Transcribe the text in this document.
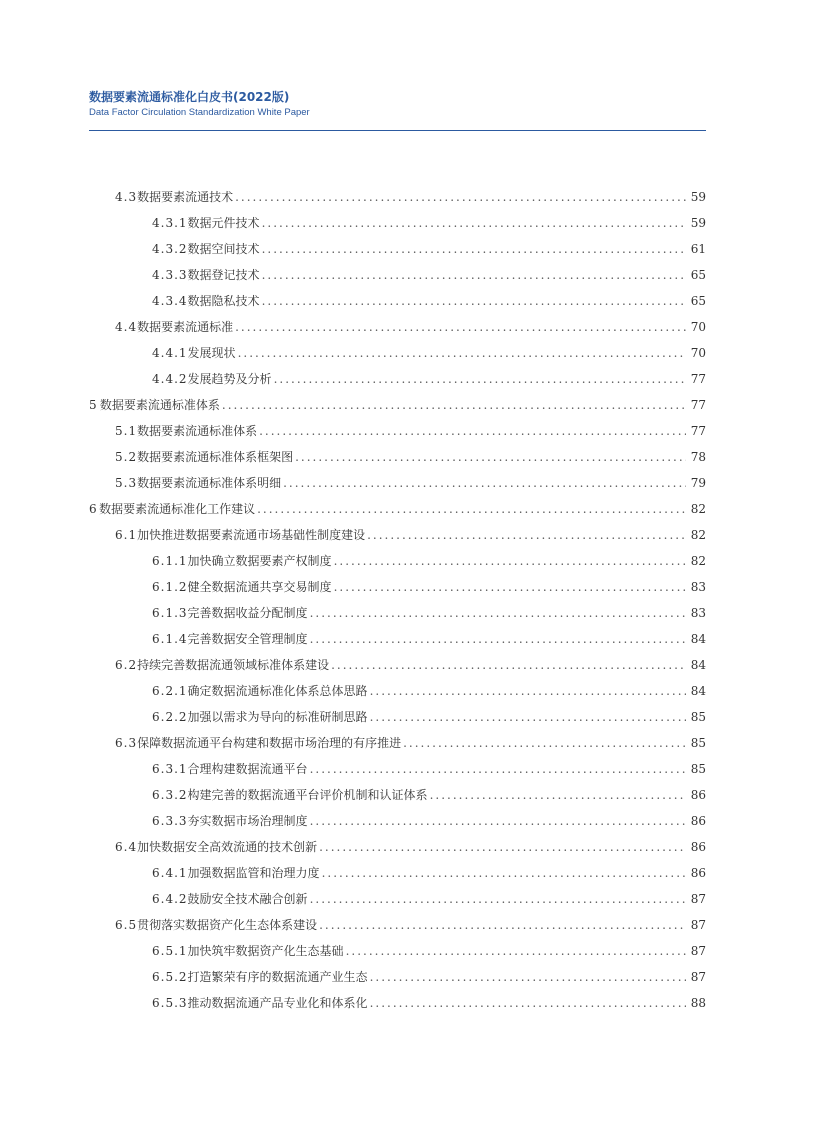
数据要素流通标准化白皮书(2022版)
Data Factor Circulation Standardization White Paper
4.3 数据要素流通技术 .....	59
4.3.1 数据元件技术 .....	59
4.3.2 数据空间技术 .....	61
4.3.3 数据登记技术 .....	65
4.3.4 数据隐私技术 .....	65
4.4 数据要素流通标准 .....	70
4.4.1 发展现状 .....	70
4.4.2 发展趋势及分析 .....	77
5 数据要素流通标准体系 .....	77
5.1 数据要素流通标准体系 .....	77
5.2 数据要素流通标准体系框架图 .....	78
5.3 数据要素流通标准体系明细 .....	79
6 数据要素流通标准化工作建议 .....	82
6.1 加快推进数据要素流通市场基础性制度建设 .....	82
6.1.1 加快确立数据要素产权制度 .....	82
6.1.2 健全数据流通共享交易制度 .....	83
6.1.3 完善数据收益分配制度 .....	83
6.1.4 完善数据安全管理制度 .....	84
6.2 持续完善数据流通领域标准体系建设 .....	84
6.2.1 确定数据流通标准化体系总体思路 .....	84
6.2.2 加强以需求为导向的标准研制思路 .....	85
6.3 保障数据流通平台构建和数据市场治理的有序推进 .....	85
6.3.1 合理构建数据流通平台 .....	85
6.3.2 构建完善的数据流通平台评价机制和认证体系 .....	86
6.3.3 夯实数据市场治理制度 .....	86
6.4 加快数据安全高效流通的技术创新 .....	86
6.4.1 加强数据监管和治理力度 .....	86
6.4.2 鼓励安全技术融合创新 .....	87
6.5 贯彻落实数据资产化生态体系建设 .....	87
6.5.1 加快筑牢数据资产化生态基础 .....	87
6.5.2 打造繁荣有序的数据流通产业生态 .....	87
6.5.3 推动数据流通产品专业化和体系化 .....	88
